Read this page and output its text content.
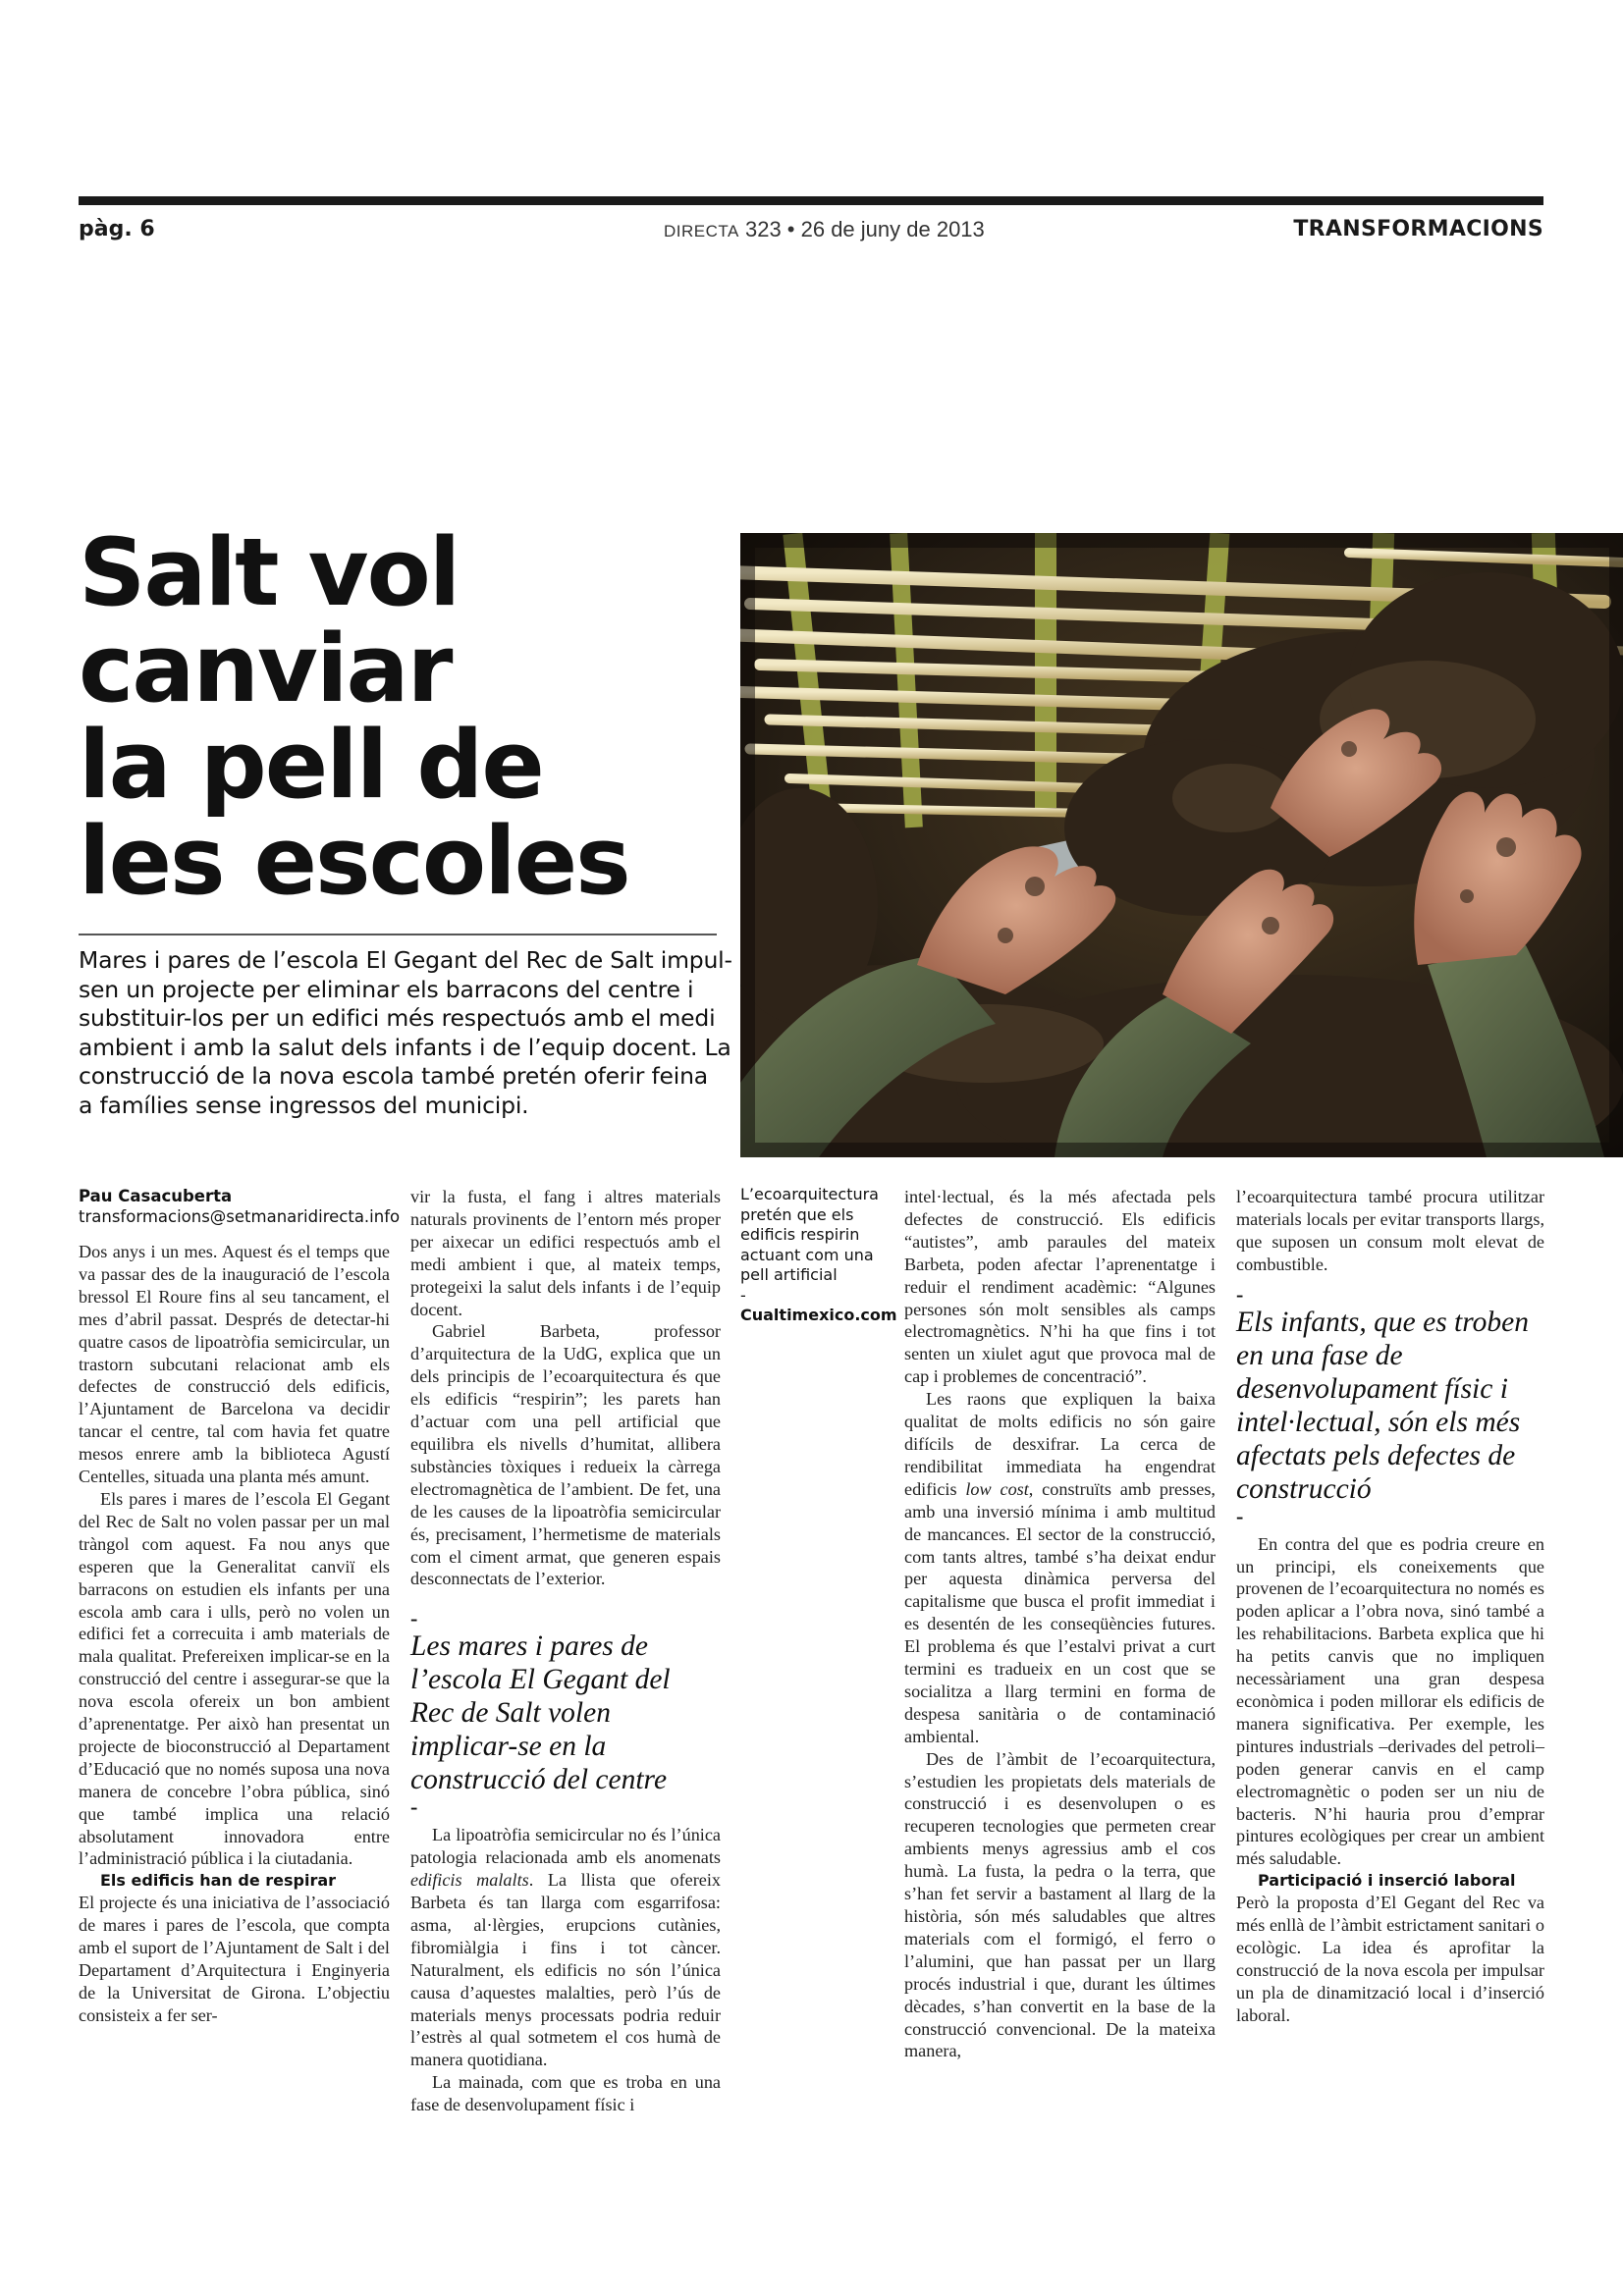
pàg. 6	DIRECTA 323 • 26 de juny de 2013	TRANSFORMACIONS
Salt vol
canviar
la pell de
les escoles
Mares i pares de l’escola El Gegant del Rec de Salt impul-
sen un projecte per eliminar els barracons del centre i
substituir-los per un edifici més respectuós amb el medi
ambient i amb la salut dels infants i de l’equip docent. La
construcció de la nova escola també pretén oferir feina
a famílies sense ingressos del municipi.
Pau Casacuberta
transformacions@setmanaridirecta.info

Dos anys i un mes. Aquest és el temps que va passar des de la inauguració de l’escola bressol El Roure fins al seu tancament, el mes d’abril passat. Després de detectar-hi quatre casos de lipoatròfia semicircular, un trastorn subcutani relacionat amb els defectes de construcció dels edificis, l’Ajuntament de Barcelona va decidir tancar el centre, tal com havia fet quatre mesos enrere amb la biblioteca Agustí Centelles, situada una planta més amunt.

Els pares i mares de l’escola El Gegant del Rec de Salt no volen passar per un mal tràngol com aquest. Fa nou anys que esperen que la Generalitat canviï els barracons on estudien els infants per una escola amb cara i ulls, però no volen un edifici fet a correcuita i amb materials de mala qualitat. Prefereixen implicar-se en la construcció del centre i assegurar-se que la nova escola ofereix un bon ambient d’aprenentatge. Per això han presentat un projecte de bioconstrucció al Departament d’Educació que no només suposa una nova manera de concebre l’obra pública, sinó que també implica una relació absolutament innovadora entre l’administració pública i la ciutadania.

Els edificis han de respirar

El projecte és una iniciativa de l’associació de mares i pares de l’escola, que compta amb el suport de l’Ajuntament de Salt i del Departament d’Arquitectura i Enginyeria de la Universitat de Girona. L’objectiu consisteix a fer ser-

vir la fusta, el fang i altres materials naturals provinents de l’entorn més proper per aixecar un edifici respectuós amb el medi ambient i que, al mateix temps, protegeixi la salut dels infants i de l’equip docent.

Gabriel Barbeta, professor d’arquitectura de la UdG, explica que un dels principis de l’ecoarquitectura és que els edificis “respirin”; les parets han d’actuar com una pell artificial que equilibra els nivells d’humitat, allibera substàncies tòxiques i redueix la càrrega electromagnètica de l’ambient. De fet, una de les causes de la lipoatròfia semicircular és, precisament, l’hermetisme de materials com el ciment armat, que generen espais desconnectats de l’exterior.

-
Les mares i pares de l’escola El Gegant del Rec de Salt volen implicar-se en la construcció del centre
-

La lipoatròfia semicircular no és l’única patologia relacionada amb els anomenats edificis malalts. La llista que ofereix Barbeta és tan llarga com esgarrifosa: asma, al·lèrgies, erupcions cutànies, fibromiàlgia i fins i tot càncer. Naturalment, els edificis no són l’única causa d’aquestes malalties, però l’ús de materials menys processats podria reduir l’estrès al qual sotmetem el cos humà de manera quotidiana.

La mainada, com que es troba en una fase de desenvolupament físic i

L’ecoarquitectura pretén que els edificis respirin actuant com una pell artificial
-
Cualtimexico.com

intel·lectual, és la més afectada pels defectes de construcció. Els edificis “autistes”, amb paraules del mateix Barbeta, poden afectar l’aprenentatge i reduir el rendiment acadèmic: “Algunes persones són molt sensibles als camps electromagnètics. N’hi ha que fins i tot senten un xiulet agut que provoca mal de cap i problemes de concentració”.

Les raons que expliquen la baixa qualitat de molts edificis no són gaire difícils de desxifrar. La cerca de rendibilitat immediata ha engendrat edificis low cost, construïts amb presses, amb una inversió mínima i amb multitud de mancances. El sector de la construcció, com tants altres, també s’ha deixat endur per aquesta dinàmica perversa del capitalisme que busca el profit immediat i es desentén de les conseqüències futures. El problema és que l’estalvi privat a curt termini es tradueix en un cost que se socialitza a llarg termini en forma de despesa sanitària o de contaminació ambiental.

Des de l’àmbit de l’ecoarquitectura, s’estudien les propietats dels materials de construcció i es desenvolupen o es recuperen tecnologies que permeten crear ambients menys agressius amb el cos humà. La fusta, la pedra o la terra, que s’han fet servir a bastament al llarg de la història, són més saludables que altres materials com el formigó, el ferro o l’alumini, que han passat per un llarg procés industrial i que, durant les últimes dècades, s’han convertit en la base de la construcció convencional. De la mateixa manera,

l’ecoarquitectura també procura utilitzar materials locals per evitar transports llargs, que suposen un consum molt elevat de combustible.

-
Els infants, que es troben en una fase de desenvolupament físic i intel·lectual, són els més afectats pels defectes de construcció
-

En contra del que es podria creure en un principi, els coneixements que provenen de l’ecoarquitectura no només es poden aplicar a l’obra nova, sinó també a les rehabilitacions. Barbeta explica que hi ha petits canvis que no impliquen necessàriament una gran despesa econòmica i poden millorar els edificis de manera significativa. Per exemple, les pintures industrials –derivades del petroli– poden generar canvis en el camp electromagnètic o poden ser un niu de bacteris. N’hi hauria prou d’emprar pintures ecològiques per crear un ambient més saludable.

Participació i inserció laboral

Però la proposta d’El Gegant del Rec va més enllà de l’àmbit estrictament sanitari o ecològic. La idea és aprofitar la construcció de la nova escola per impulsar un pla de dinamització local i d’inserció laboral.
